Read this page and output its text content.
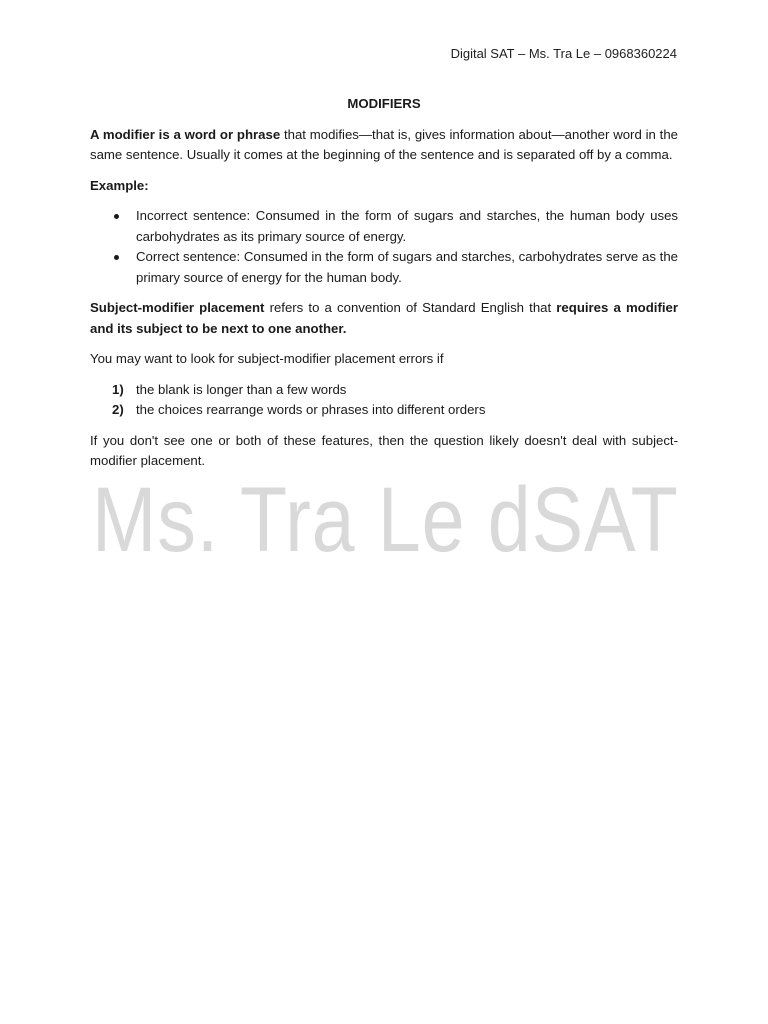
Digital SAT – Ms. Tra Le – 0968360224
Ms. Tra Le dSAT
MODIFIERS

A modifier is a word or phrase that modifies—that is, gives information about—another word in the same sentence. Usually it comes at the beginning of the sentence and is separated off by a comma.

Example:

Incorrect sentence: Consumed in the form of sugars and starches, the human body uses carbohydrates as its primary source of energy.
Correct sentence: Consumed in the form of sugars and starches, carbohydrates serve as the primary source of energy for the human body.

Subject-modifier placement refers to a convention of Standard English that requires a modifier and its subject to be next to one another.

You may want to look for subject-modifier placement errors if

1) the blank is longer than a few words
2) the choices rearrange words or phrases into different orders

If you don't see one or both of these features, then the question likely doesn't deal with subject-modifier placement.
